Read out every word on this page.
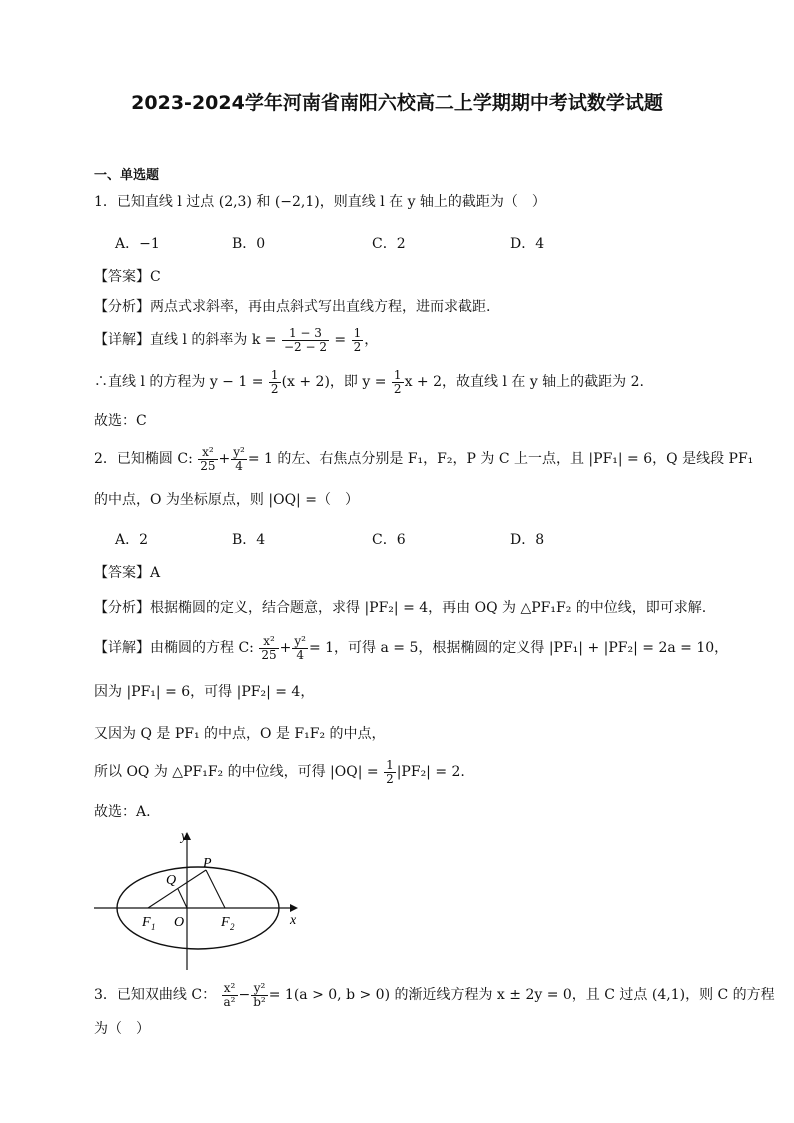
2023-2024学年河南省南阳六校高二上学期期中考试数学试题
一、单选题
1．已知直线 l 过点 (2,3) 和 (−2,1)，则直线 l 在 y 轴上的截距为（　）
A．−1	B．0	C．2	D．4
【答案】C
【分析】两点式求斜率，再由点斜式写出直线方程，进而求截距.
【详解】直线 l 的斜率为 $k = \frac{1 - 3}{-2 - 2} = \frac{1}{2}$ ，
∴直线 l 的方程为 $y - 1 = \frac{1}{2} (x + 2)$，即 $y = \frac{1}{2}$ x + 2，故直线 l 在 y 轴上的截距为 2.
故选：C
2．已知椭圆 C: $\frac{\text{x²}}{25} + \frac{\text{y²}}{4} = 1$ 的左、右焦点分别是 F₁，F₂，P 为 C 上一点，且 |PF₁| = 6，Q 是线段 PF₁
的中点，O 为坐标原点，则 |OQ| =（　）
A．2	B．4	C．6	D．8
【答案】A
【分析】根据椭圆的定义，结合题意，求得 |PF₂| = 4，再由 OQ 为 △PF₁F₂ 的中位线，即可求解.
【详解】由椭圆的方程 C: $\frac{\text{x²}}{25} + \frac{\text{y²}}{4} = 1$，可得 a = 5，根据椭圆的定义得 |PF₁| + |PF₂| = 2a = 10，
因为 |PF₁| = 6，可得 |PF₂| = 4，
又因为 Q 是 PF₁ 的中点，O 是 F₁F₂ 的中点，
所以 OQ 为 △PF₁F₂ 的中位线，可得 $|OQ| = \frac{1}{2} |PF_2| = 2$.
故选：A.
y
x
P
Q
O
F 1	F 2
3．已知双曲线 C： $\frac{\text{x²}}{\text{a²}} - \frac{\text{y²}}{\text{b²}} = 1(a > 0$, b > 0) 的渐近线方程为 x ± 2y = 0，且 C 过点 (4,1)，则 C 的方程
为（　）
